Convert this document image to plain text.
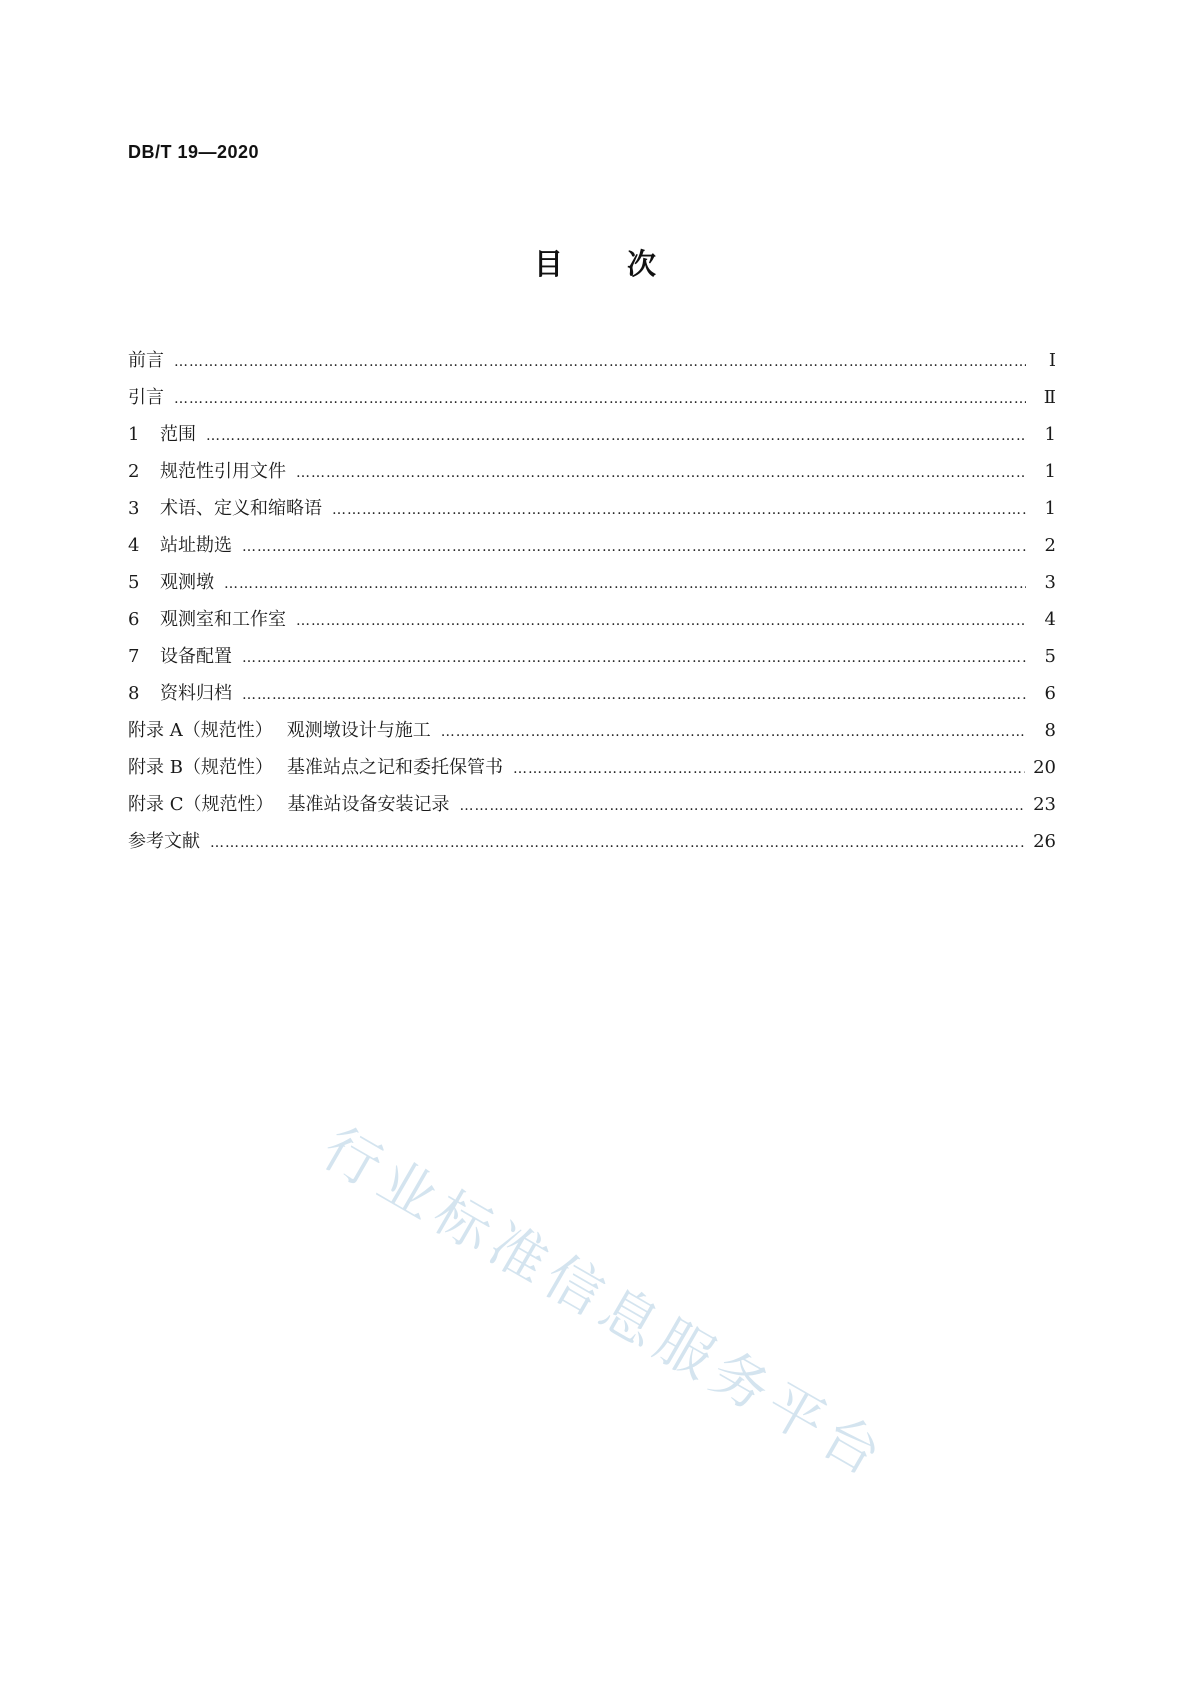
DB/T 19—2020
目 次
前言 …………………………………………………………………………………………………………………………………………………………………………………………………………	Ⅰ
引言 …………………………………………………………………………………………………………………………………………………………………………………………………………	Ⅱ
1	范围 …………………………………………………………………………………………………………………………………………………………………………………………………………	1
2	规范性引用文件 …………………………………………………………………………………………………………………………………………………………………………………………………………	1
3	术语、定义和缩略语 …………………………………………………………………………………………………………………………………………………………………………………………………………	1
4	站址勘选 …………………………………………………………………………………………………………………………………………………………………………………………………………	2
5	观测墩 …………………………………………………………………………………………………………………………………………………………………………………………………………	3
6	观测室和工作室 …………………………………………………………………………………………………………………………………………………………………………………………………………	4
7	设备配置 …………………………………………………………………………………………………………………………………………………………………………………………………………	5
8	资料归档 …………………………………………………………………………………………………………………………………………………………………………………………………………	6
附录 A（规范性） 观测墩设计与施工 …………………………………………………………………………………………………………………………………………………………………………………………………………	8
附录 B（规范性） 基准站点之记和委托保管书 …………………………………………………………………………………………………………………………………………………………………………………………………………	20
附录 C（规范性） 基准站设备安装记录 …………………………………………………………………………………………………………………………………………………………………………………………………………	23
参考文献 …………………………………………………………………………………………………………………………………………………………………………………………………………	26
行业标准信息服务平台
